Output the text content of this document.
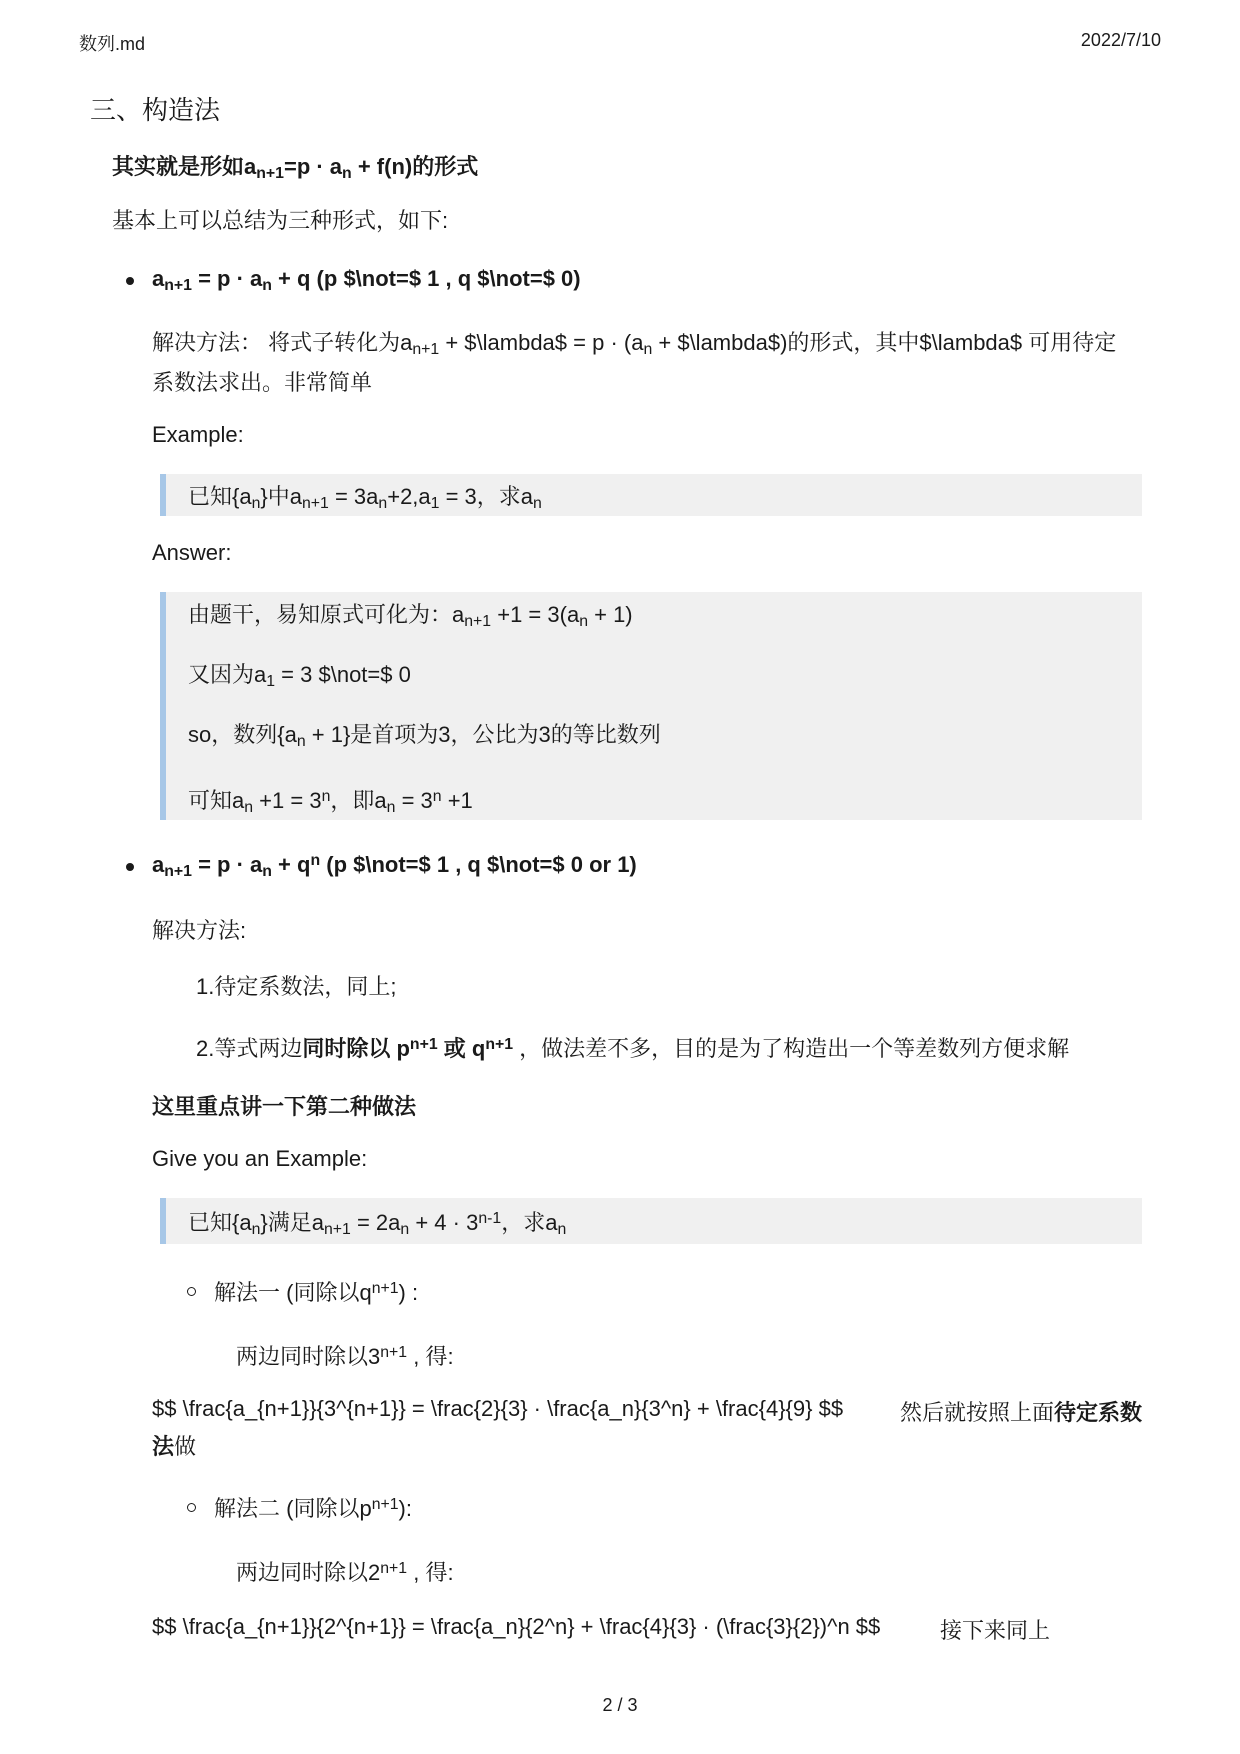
数列.md	2022/7/10
三、构造法
其实就是形如$a_{n+1}=p \cdot a_n + f(n)$的形式
基本上可以总结为三种形式，如下:
$a_{n+1} = p \cdot a_n + q$ (p $\not=$ 1 , q $\not=$ 0)
解决方法： 将式子转化为$a_{n+1}$ + $\lambda$ = $p \cdot (a_n$ + $\lambda$)的形式，其中$\lambda$ 可用待定
系数法求出。非常简单
Example:
已知$\{a_n\}$中$a_{n+1} = 3a_n+2,a_1 = 3$，求$a_n$
Answer:
由题干，易知原式可化为：$a_{n+1} +1 = 3(a_n + 1)$
又因为$a_1 = 3$ $\not=$ 0
so，数列$\{a_n + 1\}$是首项为3，公比为3的等比数列
可知$a_n +1 = 3^n$，即$a_n = 3^n +1$
$a_{n+1} = p \cdot a_n + q^n$ (p $\not=$ 1 , q $\not=$ 0 or 1)
解决方法:
1.待定系数法，同上;
2.等式两边同时除以 $p^{n+1}$ 或 $q^{n+1}$ ，做法差不多，目的是为了构造出一个等差数列方便求解
这里重点讲一下第二种做法
Give you an Example:
已知$\{a_n\}$满足$a_{n+1} = 2a_n + 4 \cdot 3^{n-1}$，求$a_n$
解法一 (同除以$q^{n+1}$) :
两边同时除以$3^{n+1}$ , 得:
$$ \frac{a_{n+1}}{3^{n+1}} = \frac{2}{3} · \frac{a_n}{3^n} + \frac{4}{9} $$	然后就按照上面待定系数
法做
解法二 (同除以$p^{n+1}$):
两边同时除以$2^{n+1}$ , 得:
$$ \frac{a_{n+1}}{2^{n+1}} = \frac{a_n}{2^n} + \frac{4}{3} · (\frac{3}{2})^n $$	接下来同上
2 / 3
